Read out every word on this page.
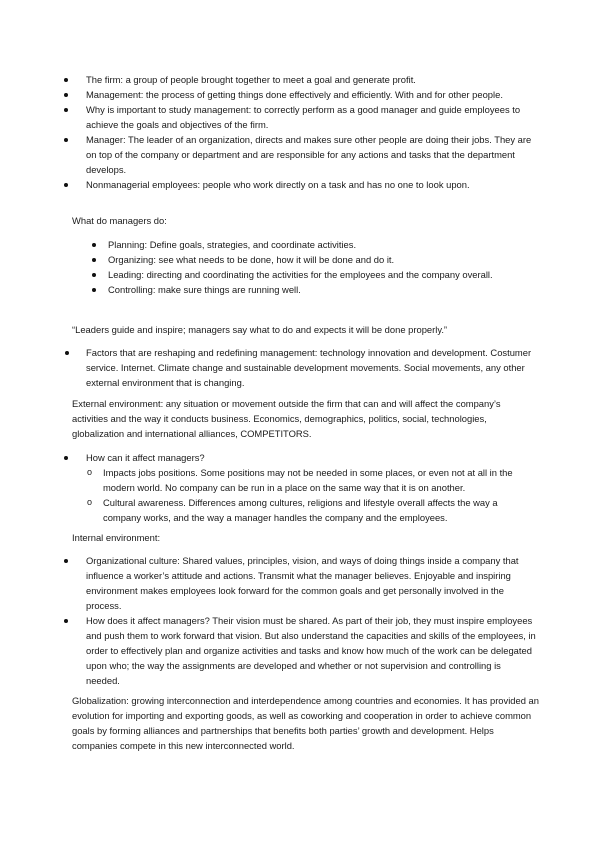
The firm: a group of people brought together to meet a goal and generate profit.
Management: the process of getting things done effectively and efficiently. With and for other people.
Why is important to study management: to correctly perform as a good manager and guide employees to achieve the goals and objectives of the firm.
Manager: The leader of an organization, directs and makes sure other people are doing their jobs. They are on top of the company or department and are responsible for any actions and tasks that the department develops.
Nonmanagerial employees: people who work directly on a task and has no one to look upon.

What do managers do:

Planning: Define goals, strategies, and coordinate activities.
Organizing: see what needs to be done, how it will be done and do it.
Leading: directing and coordinating the activities for the employees and the company overall.
Controlling: make sure things are running well.

“Leaders guide and inspire; managers say what to do and expects it will be done properly.”

Factors that are reshaping and redefining management: technology innovation and development. Costumer service. Internet. Climate change and sustainable development movements. Social movements, any other external environment that is changing.

External environment: any situation or movement outside the firm that can and will affect the company’s activities and the way it conducts business. Economics, demographics, politics, social, technologies, globalization and international alliances, COMPETITORS.

How can it affect managers?
o Impacts jobs positions. Some positions may not be needed in some places, or even not at all in the modern world. No company can be run in a place on the same way that it is on another.
o Cultural awareness. Differences among cultures, religions and lifestyle overall affects the way a company works, and the way a manager handles the company and the employees.

Internal environment:

Organizational culture: Shared values, principles, vision, and ways of doing things inside a company that influence a worker’s attitude and actions. Transmit what the manager believes. Enjoyable and inspiring environment makes employees look forward for the common goals and get personally involved in the process.
How does it affect managers? Their vision must be shared. As part of their job, they must inspire employees and push them to work forward that vision. But also understand the capacities and skills of the employees, in order to effectively plan and organize activities and tasks and know how much of the work can be delegated upon who; the way the assignments are developed and whether or not supervision and controlling is needed.

Globalization: growing interconnection and interdependence among countries and economies. It has provided an evolution for importing and exporting goods, as well as coworking and cooperation in order to achieve common goals by forming alliances and partnerships that benefits both parties’ growth and development. Helps companies compete in this new interconnected world.
